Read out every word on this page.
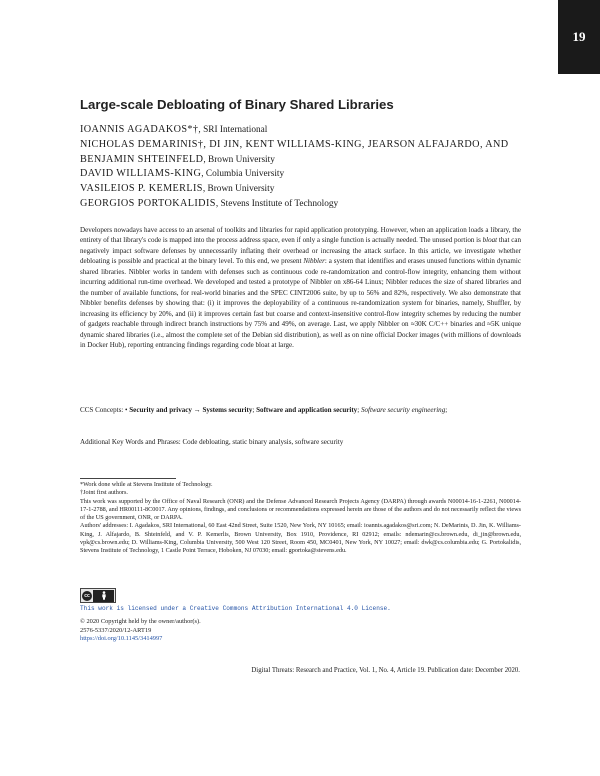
19
Large-scale Debloating of Binary Shared Libraries
IOANNIS AGADAKOS*†, SRI International
NICHOLAS DEMARINIS†, DI JIN, KENT WILLIAMS-KING, JEARSON ALFAJARDO, AND
BENJAMIN SHTEINFELD, Brown University
DAVID WILLIAMS-KING, Columbia University
VASILEIOS P. KEMERLIS, Brown University
GEORGIOS PORTOKALIDIS, Stevens Institute of Technology

Developers nowadays have access to an arsenal of toolkits and libraries for rapid application prototyping. However, when an application loads a library, the entirety of that library's code is mapped into the process address space, even if only a single function is actually needed. The unused portion is bloat that can negatively impact software defenses by unnecessarily inflating their overhead or increasing the attack surface. In this article, we investigate whether debloating is possible and practical at the binary level. To this end, we present Nibbler: a system that identifies and erases unused functions within dynamic shared libraries. Nibbler works in tandem with defenses such as continuous code re-randomization and control-flow integrity, enhancing them without incurring additional run-time overhead. We developed and tested a prototype of Nibbler on x86-64 Linux; Nibbler reduces the size of shared libraries and the number of available functions, for real-world binaries and the SPEC CINT2006 suite, by up to 56% and 82%, respectively. We also demonstrate that Nibbler benefits defenses by showing that: (i) it improves the deployability of a continuous re-randomization system for binaries, namely, Shuffler, by increasing its efficiency by 20%, and (ii) it improves certain fast but coarse and context-insensitive control-flow integrity schemes by reducing the number of gadgets reachable through indirect branch instructions by 75% and 49%, on average. Last, we apply Nibbler on ≈30K C/C++ binaries and ≈5K unique dynamic shared libraries (i.e., almost the complete set of the Debian sid distribution), as well as on nine official Docker images (with millions of downloads in Docker Hub), reporting entrancing findings regarding code bloat at large.

CCS Concepts: • Security and privacy → Systems security; Software and application security; Software security engineering;

Additional Key Words and Phrases: Code debloating, static binary analysis, software security

*Work done while at Stevens Institute of Technology.

†Joint first authors.

This work was supported by the Office of Naval Research (ONR) and the Defense Advanced Research Projects Agency (DARPA) through awards N00014-16-1-2261, N00014-17-1-2788, and HR00111-8C0017. Any opinions, findings, and conclusions or recommendations expressed herein are those of the authors and do not necessarily reflect the views of the US government, ONR, or DARPA.

Authors' addresses: I. Agadakos, SRI International, 60 East 42nd Street, Suite 1520, New York, NY 10165; email: ioannis.agadakos@sri.com; N. DeMarinis, D. Jin, K. Williams-King, J. Alfajardo, B. Shteinfeld, and V. P. Kemerlis, Brown University, Box 1910, Providence, RI 02912; emails: ndemarin@cs.brown.edu, di_jin@brown.edu, vpk@cs.brown.edu; D. Williams-King, Columbia University, 500 West 120 Street, Room 450, MC0401, New York, NY 10027; email: dwk@cs.columbia.edu; G. Portokalidis, Stevens Institute of Technology, 1 Castle Point Terrace, Hoboken, NJ 07030; email: gportoka@stevens.edu.

cc
This work is licensed under a Creative Commons Attribution International 4.0 License.

© 2020 Copyright held by the owner/author(s).

2576-5337/2020/12-ART19

https://doi.org/10.1145/3414997

Digital Threats: Research and Practice, Vol. 1, No. 4, Article 19. Publication date: December 2020.
